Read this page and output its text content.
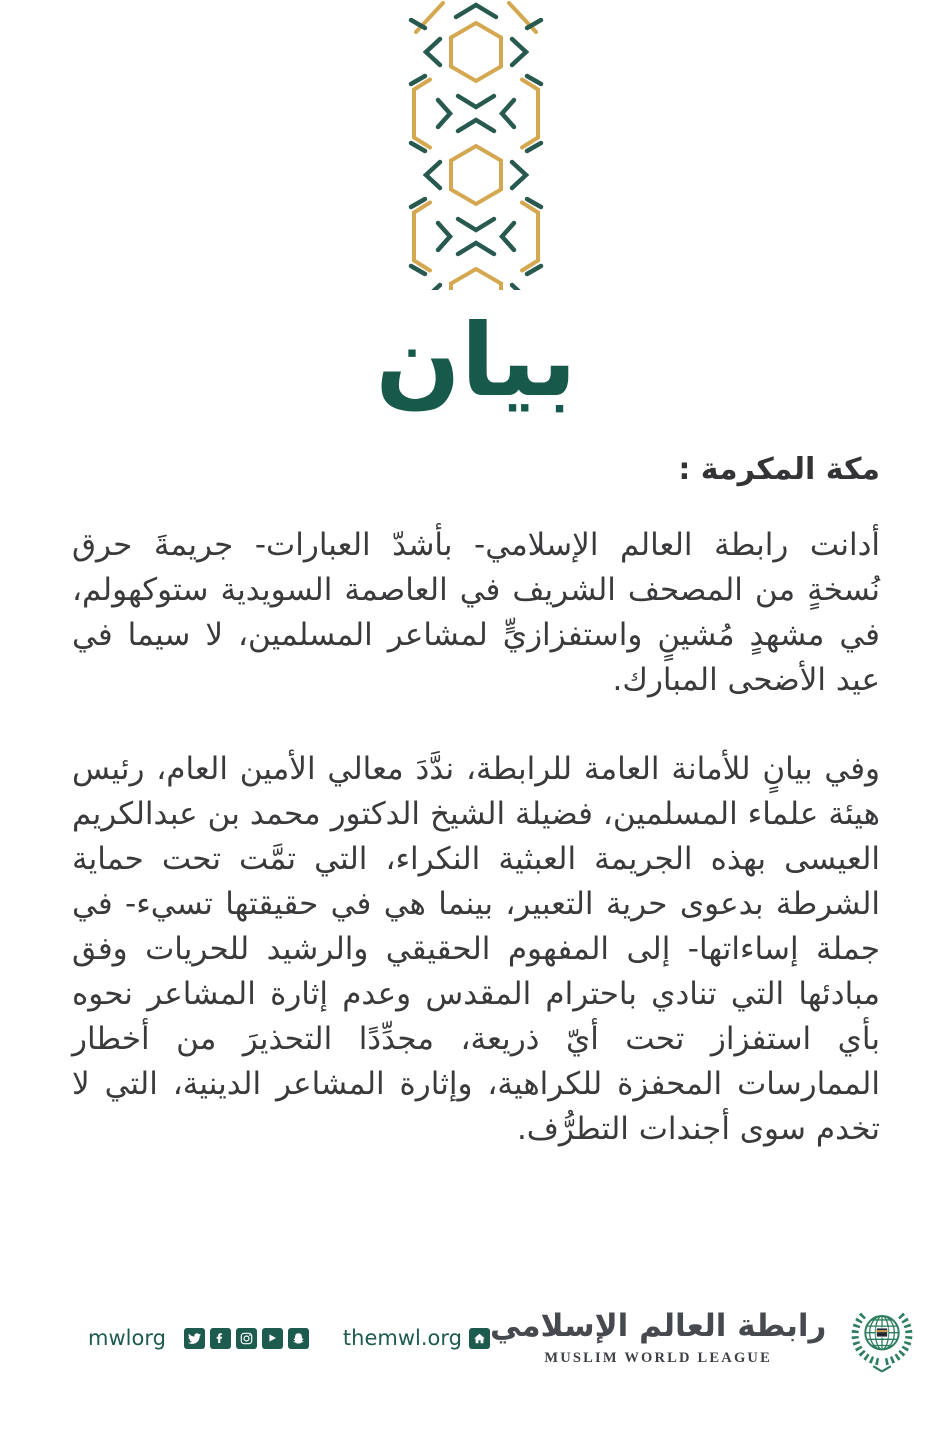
بيان
مكة المكرمة :

أدانت رابطة العالم الإسلامي- بأشدّ العبارات- جريمةَ حرق نُسخةٍ من المصحف الشريف في العاصمة السويدية ستوكهولم، في مشهدٍ مُشينٍ واستفزازيٍّ لمشاعر المسلمين، لا سيما في عيد الأضحى المبارك.

وفي بيانٍ للأمانة العامة للرابطة، ندَّدَ معالي الأمين العام، رئيس هيئة علماء المسلمين، فضيلة الشيخ الدكتور محمد بن عبدالكريم العيسى بهذه الجريمة العبثية النكراء، التي تمَّت تحت حماية الشرطة بدعوى حرية التعبير، بينما هي في حقيقتها تسيء- في جملة إساءاتها- إلى المفهوم الحقيقي والرشيد للحريات وفق مبادئها التي تنادي باحترام المقدس وعدم إثارة المشاعر نحوه بأي استفزاز تحت أيّ ذريعة، مجدِّدًا التحذيرَ من أخطار الممارسات المحفزة للكراهية، وإثارة المشاعر الدينية، التي لا تخدم سوى أجندات التطرُّف.

mwlorg	themwl.org رابطة العالم الإسلامي
MUSLIM WORLD LEAGUE
